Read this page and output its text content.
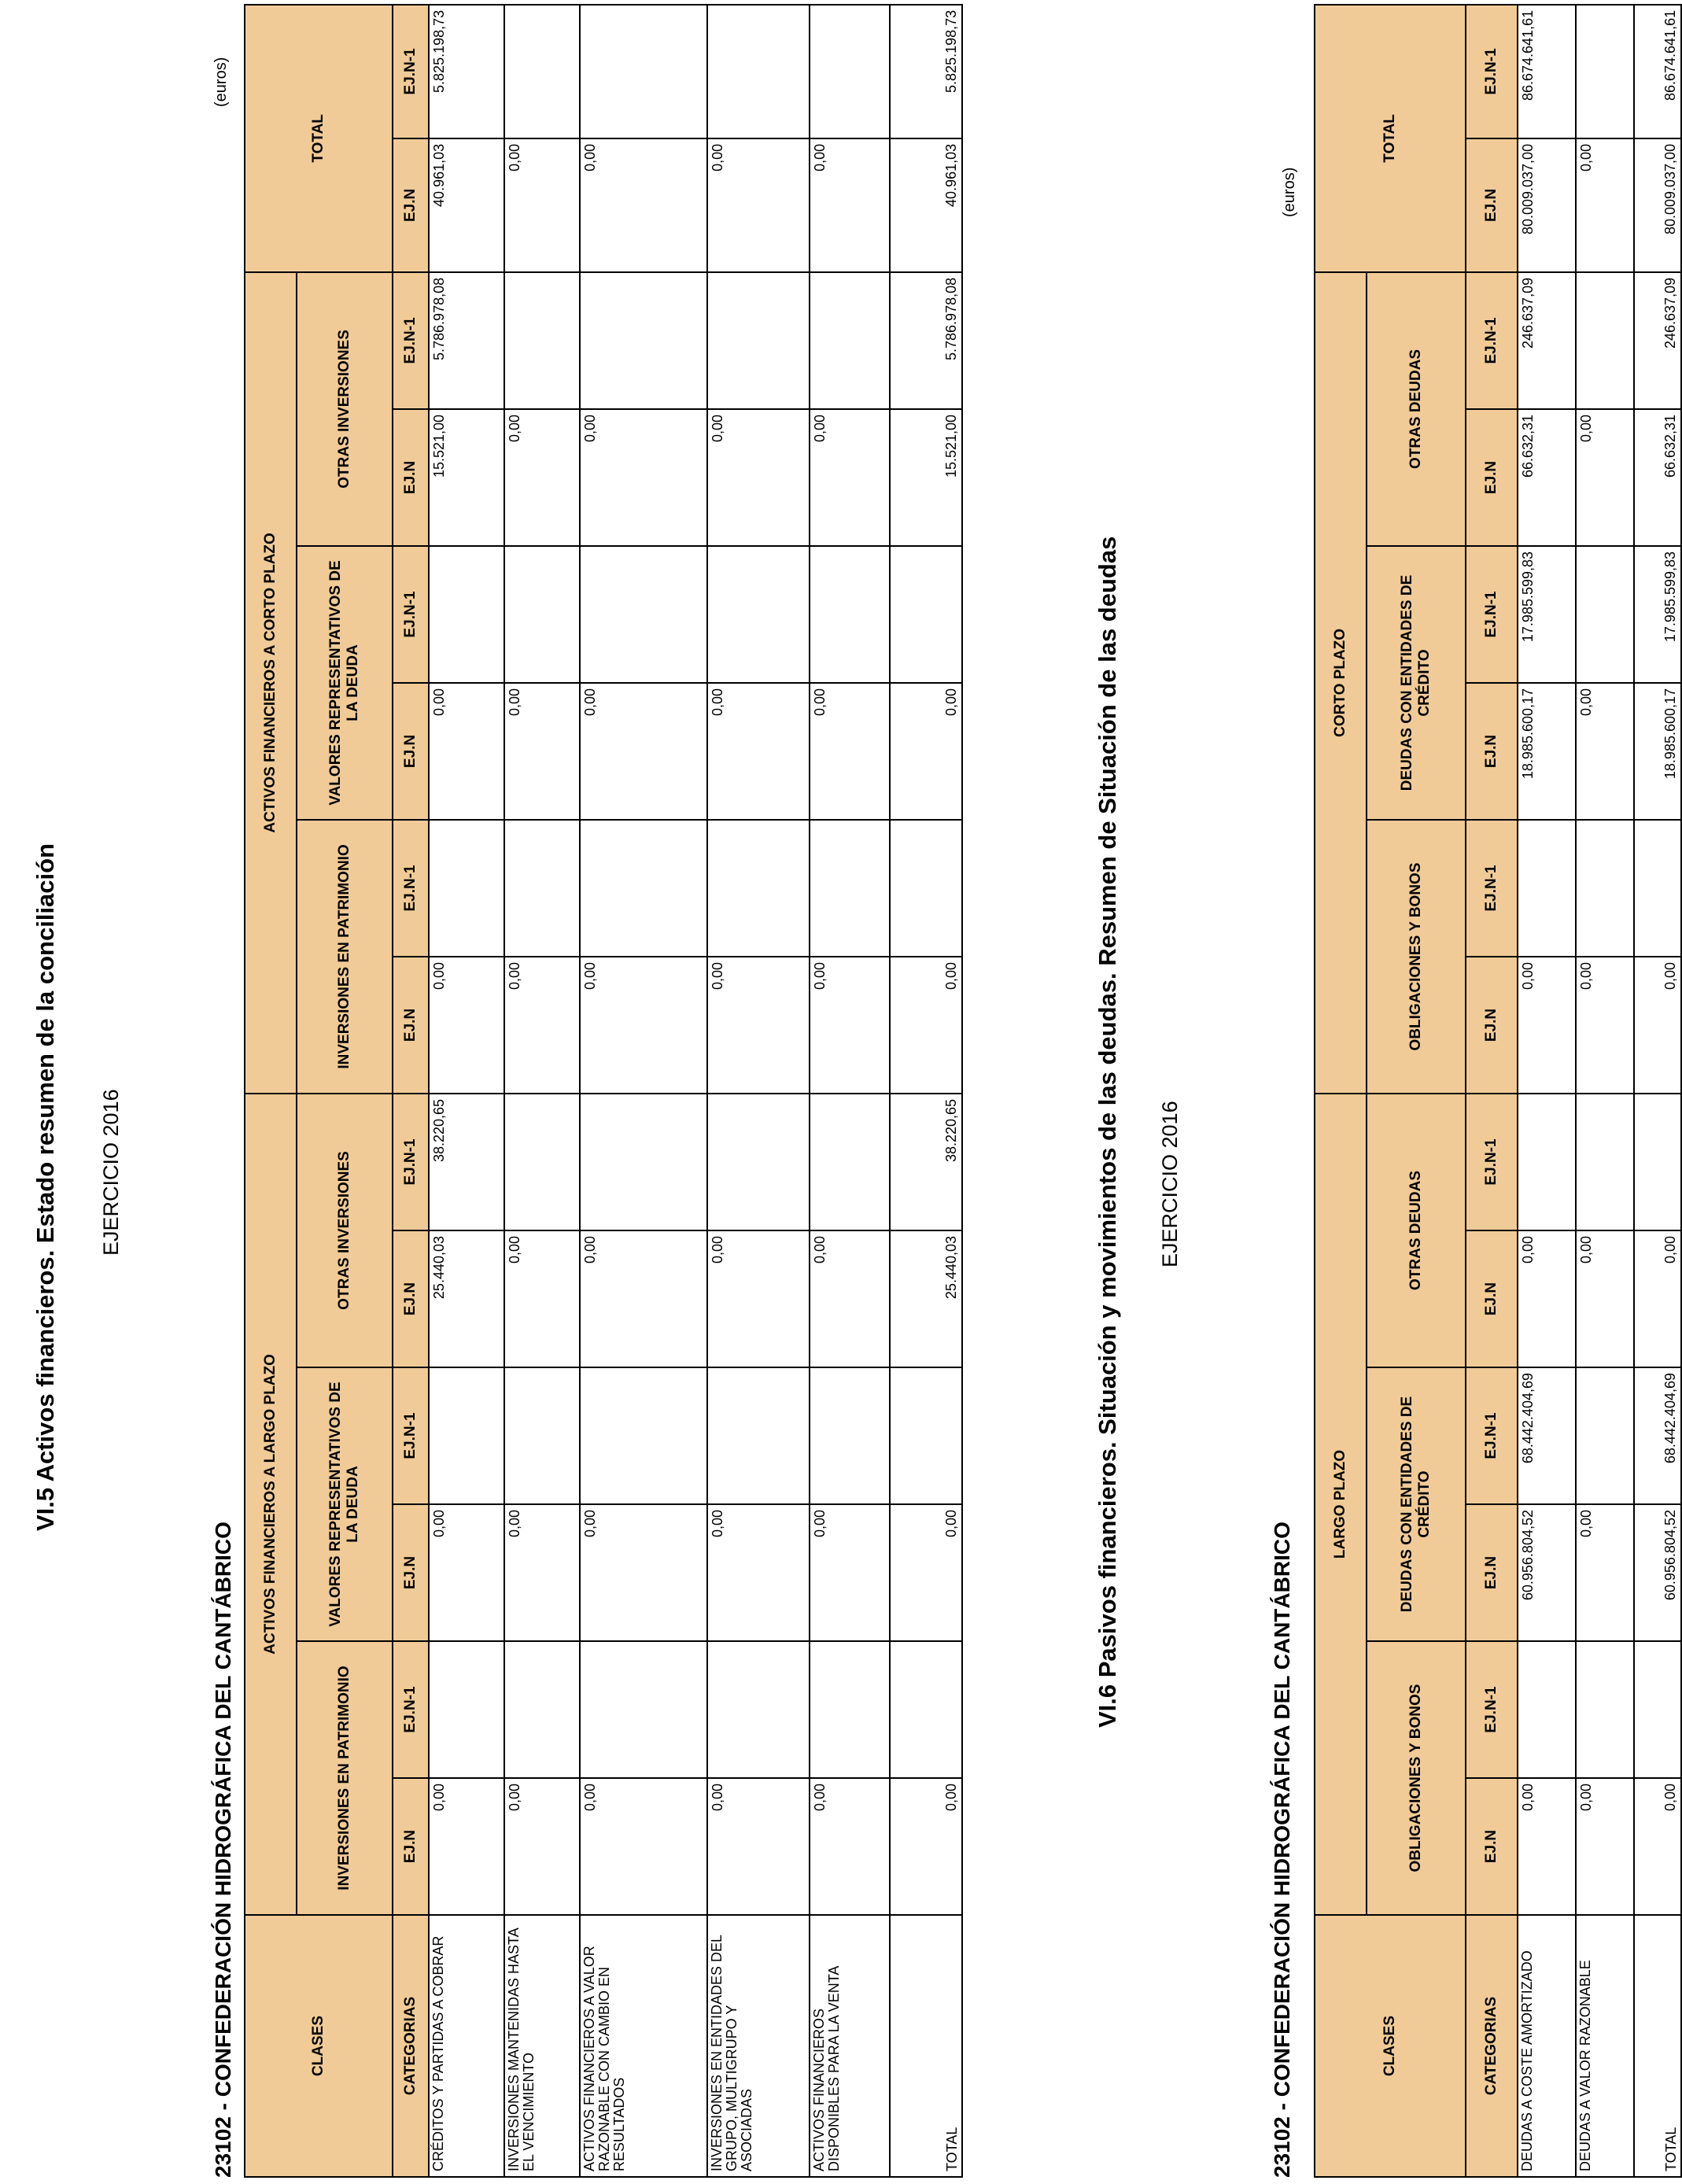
VI.5 Activos financieros. Estado resumen de la conciliación EJERCICIO 2016
23102 - CONFEDERACIÓN HIDROGRÁFICA DEL CANTÁBRICO
(euros)
CLASES	ACTIVOS FINANCIEROS A LARGO PLAZO						ACTIVOS FINANCIEROS A CORTO PLAZO						TOTAL	
	INVERSIONES EN PATRIMONIO		VALORES REPRESENTATIVOS DE LA DEUDA		OTRAS INVERSIONES		INVERSIONES EN PATRIMONIO		VALORES REPRESENTATIVOS DE LA DEUDA		OTRAS INVERSIONES			
CATEGORIAS	EJ.N	EJ.N-1	EJ.N	EJ.N-1	EJ.N	EJ.N-1	EJ.N	EJ.N-1	EJ.N	EJ.N-1	EJ.N	EJ.N-1	EJ.N	EJ.N-1
CRÉDITOS Y PARTIDAS A COBRAR	0,00		0,00		25.440,03	38.220,65	0,00		0,00		15.521,00	5.786.978,08	40.961,03	5.825.198,73
INVERSIONES MANTENIDAS HASTA EL VENCIMIENTO	0,00		0,00		0,00		0,00		0,00		0,00		0,00	
ACTIVOS FINANCIEROS A VALOR RAZONABLE CON CAMBIO EN RESULTADOS	0,00		0,00		0,00		0,00		0,00		0,00		0,00	
INVERSIONES EN ENTIDADES DEL GRUPO, MULTIGRUPO Y ASOCIADAS	0,00		0,00		0,00		0,00		0,00		0,00		0,00	
ACTIVOS FINANCIEROS DISPONIBLES PARA LA VENTA	0,00		0,00		0,00		0,00		0,00		0,00		0,00	
TOTAL	0,00		0,00		25.440,03	38.220,65	0,00		0,00		15.521,00	5.786.978,08	40.961,03	5.825.198,73
VI.6 Pasivos financieros. Situación y movimientos de las deudas. Resumen de Situación de las deudas EJERCICIO 2016
23102 - CONFEDERACIÓN HIDROGRÁFICA DEL CANTÁBRICO
(euros)
CLASES	LARGO PLAZO						CORTO PLAZO						TOTAL	
	OBLIGACIONES Y BONOS		DEUDAS CON ENTIDADES DE CRÉDITO		OTRAS DEUDAS		OBLIGACIONES Y BONOS		DEUDAS CON ENTIDADES DE CRÉDITO		OTRAS DEUDAS			
CATEGORIAS	EJ.N	EJ.N-1	EJ.N	EJ.N-1	EJ.N	EJ.N-1	EJ.N	EJ.N-1	EJ.N	EJ.N-1	EJ.N	EJ.N-1	EJ.N	EJ.N-1
DEUDAS A COSTE AMORTIZADO	0,00		60.956.804,52	68.442.404,69	0,00		0,00		18.985.600,17	17.985.599,83	66.632,31	246.637,09	80.009.037,00	86.674.641,61
DEUDAS A VALOR RAZONABLE	0,00		0,00		0,00		0,00		0,00		0,00		0,00	
TOTAL	0,00		60.956.804,52	68.442.404,69	0,00		0,00		18.985.600,17	17.985.599,83	66.632,31	246.637,09	80.009.037,00	86.674.641,61
